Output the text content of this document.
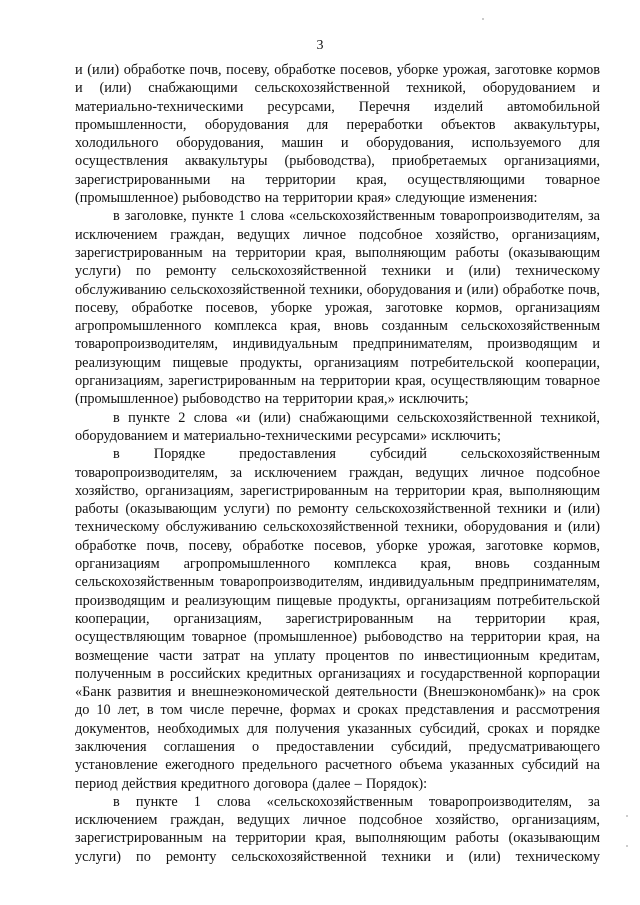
3

и (или) обработке почв, посеву, обработке посевов, уборке урожая, заготовке кормов и (или) снабжающими сельскохозяйственной техникой, оборудованием и материально-техническими ресурсами, Перечня изделий автомобильной промышленности, оборудования для переработки объектов аквакультуры, холодильного оборудования, машин и оборудования, используемого для осуществления аквакультуры (рыбоводства), приобретаемых организациями, зарегистрированными на территории края, осуществляющими товарное (промышленное) рыбоводство на территории края» следующие изменения:

в заголовке, пункте 1 слова «сельскохозяйственным товаропроизводителям, за исключением граждан, ведущих личное подсобное хозяйство, организациям, зарегистрированным на территории края, выполняющим работы (оказывающим услуги) по ремонту сельскохозяйственной техники и (или) техническому обслуживанию сельскохозяйственной техники, оборудования и (или) обработке почв, посеву, обработке посевов, уборке урожая, заготовке кормов, организациям агропромышленного комплекса края, вновь созданным сельскохозяйственным товаропроизводителям, индивидуальным предпринимателям, производящим и реализующим пищевые продукты, организациям потребительской кооперации, организациям, зарегистрированным на территории края, осуществляющим товарное (промышленное) рыбоводство на территории края,» исключить;

в пункте 2 слова «и (или) снабжающими сельскохозяйственной техникой, оборудованием и материально-техническими ресурсами» исключить;

в Порядке предоставления субсидий сельскохозяйственным товаропроизводителям, за исключением граждан, ведущих личное подсобное хозяйство, организациям, зарегистрированным на территории края, выполняющим работы (оказывающим услуги) по ремонту сельскохозяйственной техники и (или) техническому обслуживанию сельскохозяйственной техники, оборудования и (или) обработке почв, посеву, обработке посевов, уборке урожая, заготовке кормов, организациям агропромышленного комплекса края, вновь созданным сельскохозяйственным товаропроизводителям, индивидуальным предпринимателям, производящим и реализующим пищевые продукты, организациям потребительской кооперации, организациям, зарегистрированным на территории края, осуществляющим товарное (промышленное) рыбоводство на территории края, на возмещение части затрат на уплату процентов по инвестиционным кредитам, полученным в российских кредитных организациях и государственной корпорации «Банк развития и внешнеэкономической деятельности (Внешэкономбанк)» на срок до 10 лет, в том числе перечне, формах и сроках представления и рассмотрения документов, необходимых для получения указанных субсидий, сроках и порядке заключения соглашения о предоставлении субсидий, предусматривающего установление ежегодного предельного расчетного объема указанных субсидий на период действия кредитного договора (далее – Порядок):

в пункте 1 слова «сельскохозяйственным товаропроизводителям, за исключением граждан, ведущих личное подсобное хозяйство, организациям, зарегистрированным на территории края, выполняющим работы (оказывающим услуги) по ремонту сельскохозяйственной техники и (или) техническому
